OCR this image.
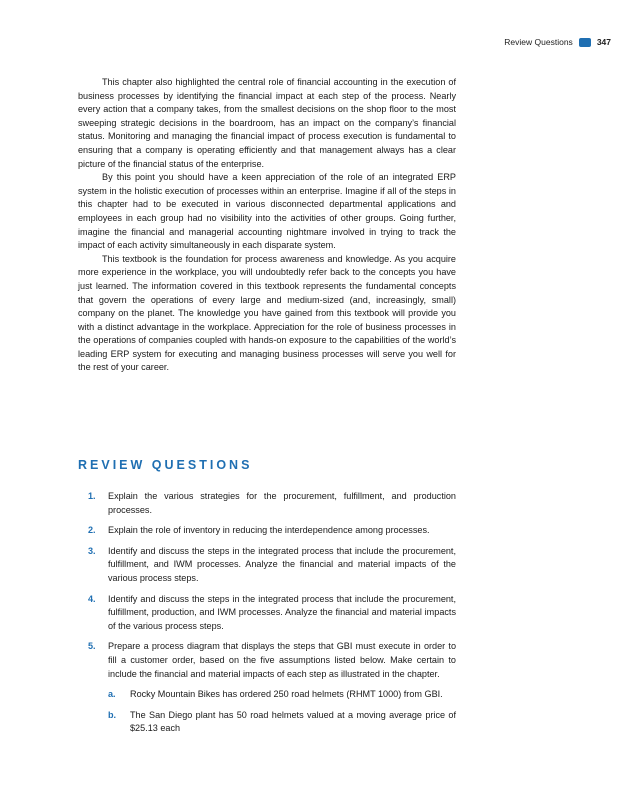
Review Questions	347

This chapter also highlighted the central role of financial accounting in the execution of business processes by identifying the financial impact at each step of the process. Nearly every action that a company takes, from the smallest decisions on the shop floor to the most sweeping strategic decisions in the boardroom, has an impact on the company’s financial status. Monitoring and managing the financial impact of process execution is fundamental to ensuring that a company is operating efficiently and that management always has a clear picture of the financial status of the enterprise.

By this point you should have a keen appreciation of the role of an integrated ERP system in the holistic execution of processes within an enterprise. Imagine if all of the steps in this chapter had to be executed in various disconnected departmental applications and employees in each group had no visibility into the activities of other groups. Going further, imagine the financial and managerial accounting nightmare involved in trying to track the impact of each activity simultaneously in each disparate system.

This textbook is the foundation for process awareness and knowledge. As you acquire more experience in the workplace, you will undoubtedly refer back to the concepts you have just learned. The information covered in this textbook represents the fundamental concepts that govern the operations of every large and medium-sized (and, increasingly, small) company on the planet. The knowledge you have gained from this textbook will provide you with a distinct advantage in the workplace. Appreciation for the role of business processes in the operations of companies coupled with hands-on exposure to the capabilities of the world’s leading ERP system for executing and managing business processes will serve you well for the rest of your career.

REVIEW QUESTIONS
1.	Explain the various strategies for the procurement, fulfillment, and production processes.
2.	Explain the role of inventory in reducing the interdependence among processes.
3.	Identify and discuss the steps in the integrated process that include the procurement, fulfillment, and IWM processes. Analyze the financial and material impacts of the various process steps.
4.	Identify and discuss the steps in the integrated process that include the procurement, fulfillment, production, and IWM processes. Analyze the financial and material impacts of the various process steps.
5.	Prepare a process diagram that displays the steps that GBI must execute in order to fill a customer order, based on the five assumptions listed below. Make certain to include the financial and material impacts of each step as illustrated in the chapter.
a.	Rocky Mountain Bikes has ordered 250 road helmets (RHMT 1000) from GBI.
b.	The San Diego plant has 50 road helmets valued at a moving average price of $25.13 each
